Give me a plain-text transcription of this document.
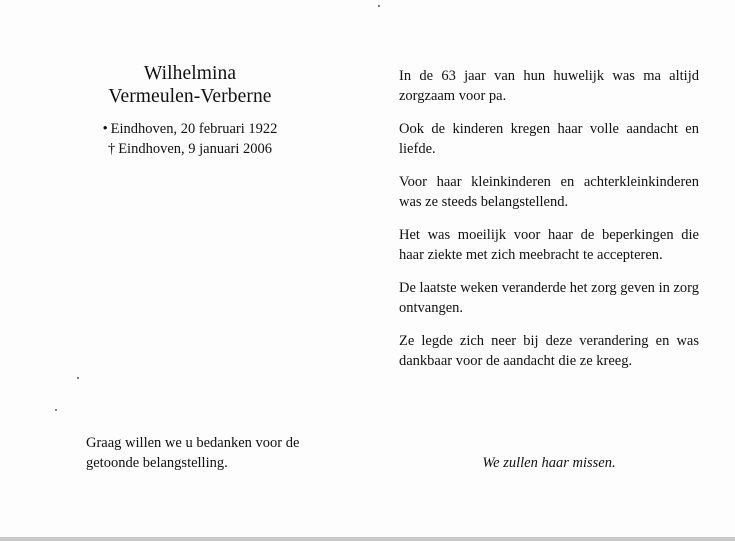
Wilhelmina
Vermeulen-Verberne
• Eindhoven, 20 februari 1922
† Eindhoven, 9 januari 2006
Graag willen we u bedanken voor de getoonde belangstelling.

In de 63 jaar van hun huwelijk was ma altijd zorgzaam voor pa.

Ook de kinderen kregen haar volle aandacht en liefde.

Voor haar kleinkinderen en achterkleinkinderen was ze steeds belangstellend.

Het was moeilijk voor haar de beperkingen die haar ziekte met zich meebracht te accepteren.

De laatste weken veranderde het zorg geven in zorg ontvangen.

Ze legde zich neer bij deze verandering en was dankbaar voor de aandacht die ze kreeg.

We zullen haar missen.
